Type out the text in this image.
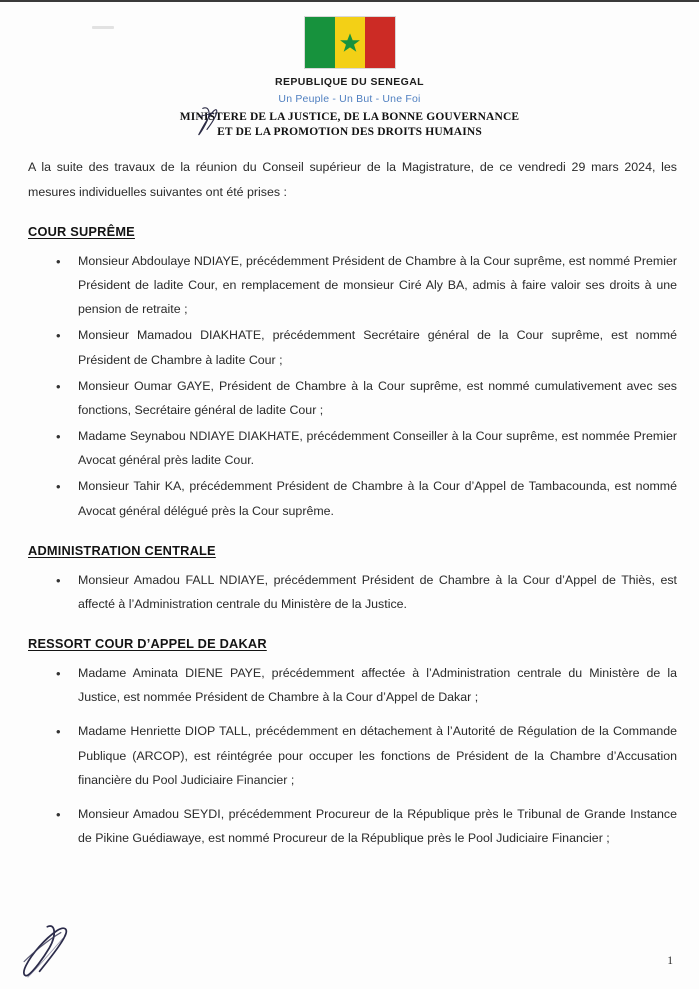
REPUBLIQUE DU SENEGAL
Un Peuple - Un But - Une Foi
MINISTERE DE LA JUSTICE, DE LA BONNE GOUVERNANCE
ET DE LA PROMOTION DES DROITS HUMAINS

A la suite des travaux de la réunion du Conseil supérieur de la Magistrature, de ce vendredi 29 mars 2024, les mesures individuelles suivantes ont été prises :

COUR SUPRÊME
• Monsieur Abdoulaye NDIAYE, précédemment Président de Chambre à la Cour suprême, est nommé Premier Président de ladite Cour, en remplacement de monsieur Ciré Aly BA, admis à faire valoir ses droits à une pension de retraite ;
• Monsieur Mamadou DIAKHATE, précédemment Secrétaire général de la Cour suprême, est nommé Président de Chambre à ladite Cour ;
• Monsieur Oumar GAYE, Président de Chambre à la Cour suprême, est nommé cumulativement avec ses fonctions, Secrétaire général de ladite Cour ;
• Madame Seynabou NDIAYE DIAKHATE, précédemment Conseiller à la Cour suprême, est nommée Premier Avocat général près ladite Cour.
• Monsieur Tahir KA, précédemment Président de Chambre à la Cour d’Appel de Tambacounda, est nommé Avocat général délégué près la Cour suprême.
ADMINISTRATION CENTRALE
• Monsieur Amadou FALL NDIAYE, précédemment Président de Chambre à la Cour d’Appel de Thiès, est affecté à l’Administration centrale du Ministère de la Justice.
RESSORT COUR D’APPEL DE DAKAR
• Madame Aminata DIENE PAYE, précédemment affectée à l’Administration centrale du Ministère de la Justice, est nommée Président de Chambre à la Cour d’Appel de Dakar ;
• Madame Henriette DIOP TALL, précédemment en détachement à l’Autorité de Régulation de la Commande Publique (ARCOP), est réintégrée pour occuper les fonctions de Président de la Chambre d’Accusation financière du Pool Judiciaire Financier ;
• Monsieur Amadou SEYDI, précédemment Procureur de la République près le Tribunal de Grande Instance de Pikine Guédiawaye, est nommé Procureur de la République près le Pool Judiciaire Financier ;
1
